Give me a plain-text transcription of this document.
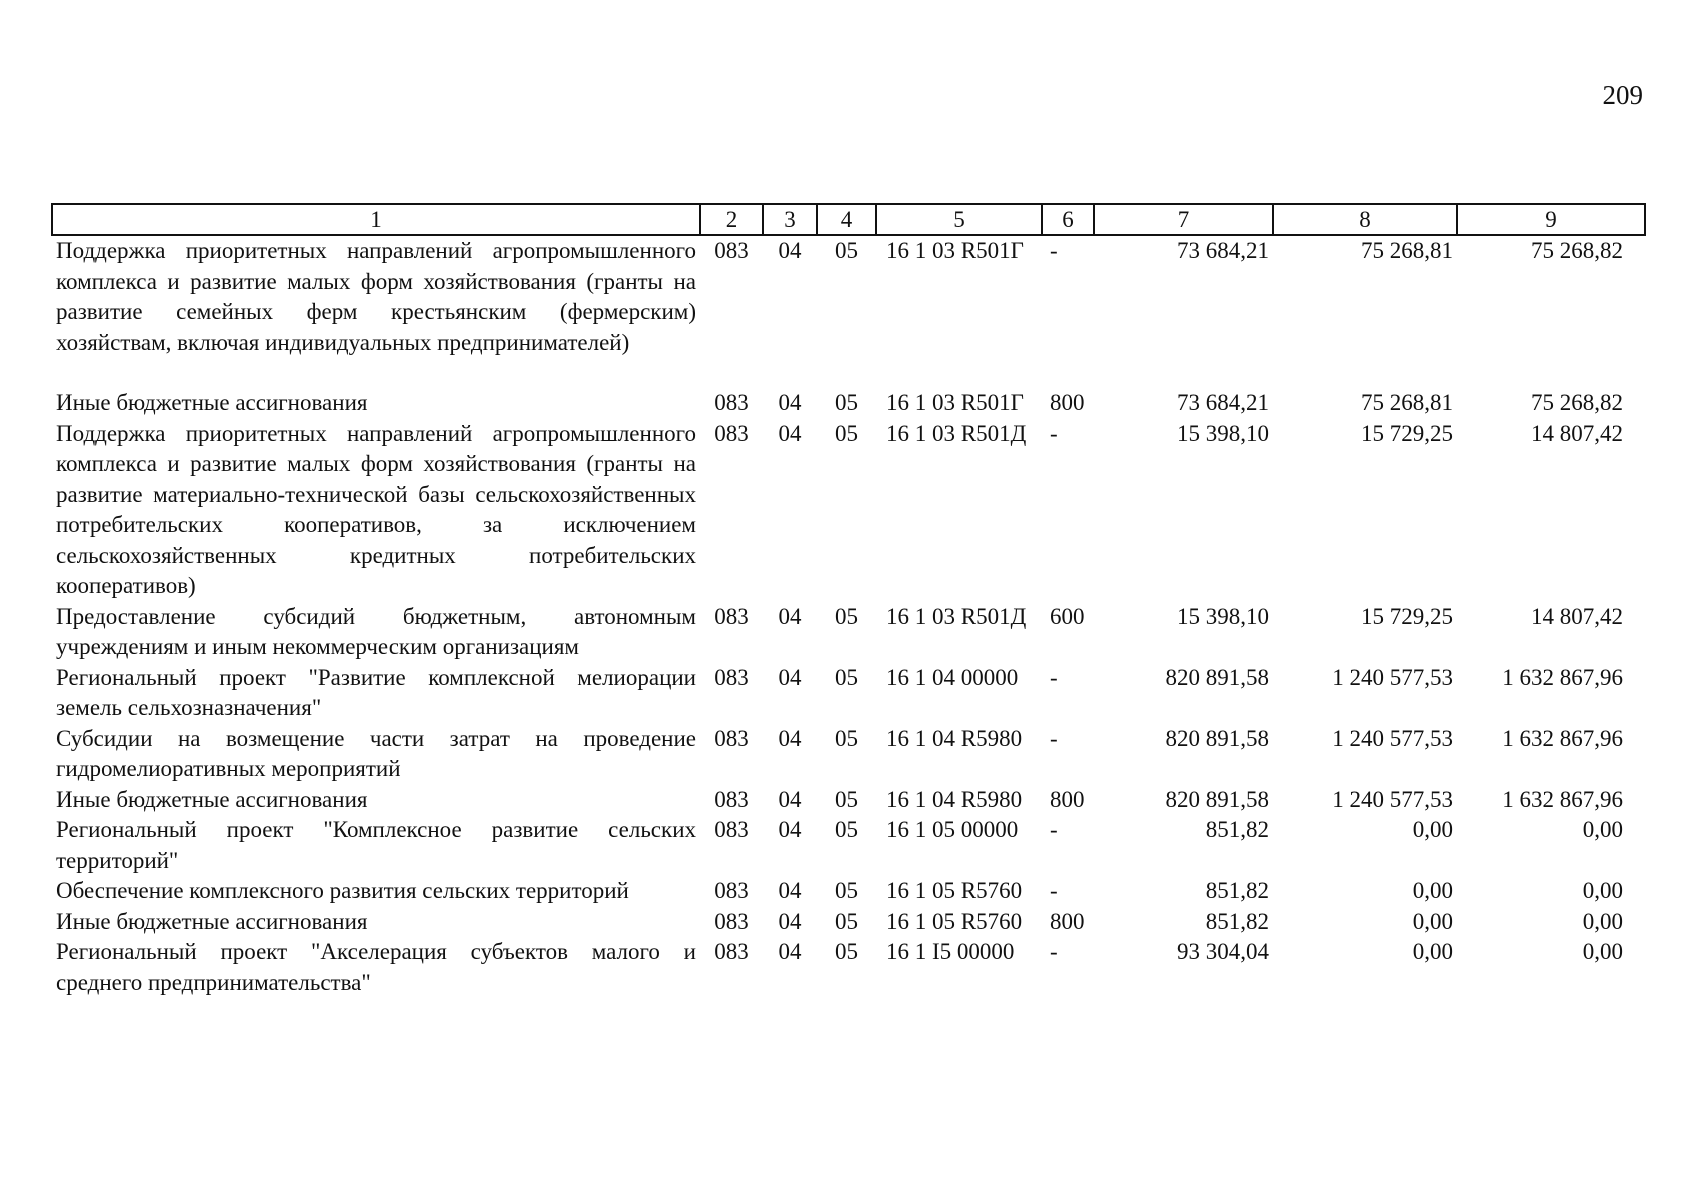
209
1	2	3	4	5	6	7	8	9
Поддержка приоритетных направлений агропромышленного комплекса и развитие малых форм хозяйствования (гранты на развитие семейных ферм крестьянским (фермерским) хозяйствам, включая индивидуальных предпринимателей)	083	04	05	16 1 03 R501Г	-	73 684,21	75 268,81	75 268,82
Иные бюджетные ассигнования	083	04	05	16 1 03 R501Г	800	73 684,21	75 268,81	75 268,82
Поддержка приоритетных направлений агропромышленного комплекса и развитие малых форм хозяйствования (гранты на развитие материально-технической базы сельскохозяйственных потребительских кооперативов, за исключением сельскохозяйственных кредитных потребительских кооперативов)	083	04	05	16 1 03 R501Д	-	15 398,10	15 729,25	14 807,42
Предоставление субсидий бюджетным, автономным учреждениям и иным некоммерческим организациям	083	04	05	16 1 03 R501Д	600	15 398,10	15 729,25	14 807,42
Региональный проект "Развитие комплексной мелиорации земель сельхозназначения"	083	04	05	16 1 04 00000	-	820 891,58	1 240 577,53	1 632 867,96
Субсидии на возмещение части затрат на проведение гидромелиоративных мероприятий	083	04	05	16 1 04 R5980	-	820 891,58	1 240 577,53	1 632 867,96
Иные бюджетные ассигнования	083	04	05	16 1 04 R5980	800	820 891,58	1 240 577,53	1 632 867,96
Региональный проект "Комплексное развитие сельских территорий"	083	04	05	16 1 05 00000	-	851,82	0,00	0,00
Обеспечение комплексного развития сельских территорий	083	04	05	16 1 05 R5760	-	851,82	0,00	0,00
Иные бюджетные ассигнования	083	04	05	16 1 05 R5760	800	851,82	0,00	0,00
Региональный проект "Акселерация субъектов малого и среднего предпринимательства"	083	04	05	16 1 I5 00000	-	93 304,04	0,00	0,00
